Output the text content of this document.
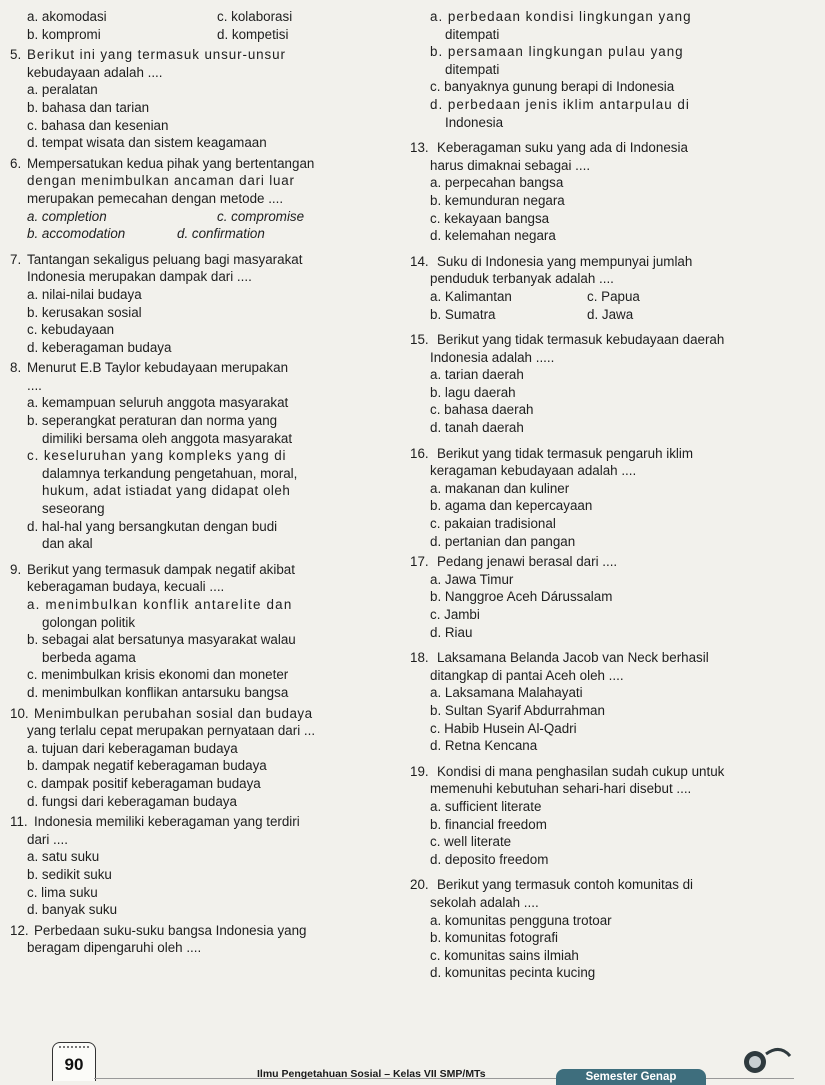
a. akomodasi	c. kolaborasi
b. kompromi	d. kompetisi
5. Berikut ini yang termasuk unsur-unsur
kebudayaan adalah ....
a. peralatan
b. bahasa dan tarian
c. bahasa dan kesenian
d. tempat wisata dan sistem keagamaan
6. Mempersatukan kedua pihak yang bertentangan
dengan menimbulkan ancaman dari luar
merupakan pemecahan dengan metode ....
a. completion	c. compromise
b. accomodation	d. confirmation
7. Tantangan sekaligus peluang bagi masyarakat
Indonesia merupakan dampak dari ....
a. nilai-nilai budaya
b. kerusakan sosial
c. kebudayaan
d. keberagaman budaya
8. Menurut E.B Taylor kebudayaan merupakan
....
a. kemampuan seluruh anggota masyarakat
b. seperangkat peraturan dan norma yang
dimiliki bersama oleh anggota masyarakat
c. keseluruhan yang kompleks yang di
dalamnya terkandung pengetahuan, moral,
hukum, adat istiadat yang didapat oleh
seseorang
d. hal-hal yang bersangkutan dengan budi
dan akal
9. Berikut yang termasuk dampak negatif akibat
keberagaman budaya, kecuali ....
a. menimbulkan konflik antarelite dan
golongan politik
b. sebagai alat bersatunya masyarakat walau
berbeda agama
c. menimbulkan krisis ekonomi dan moneter
d. menimbulkan konflikan antarsuku bangsa
10. Menimbulkan perubahan sosial dan budaya
yang terlalu cepat merupakan pernyataan dari ...
a. tujuan dari keberagaman budaya
b. dampak negatif keberagaman budaya
c. dampak positif keberagaman budaya
d. fungsi dari keberagaman budaya
11. Indonesia memiliki keberagaman yang terdiri
dari ....
a. satu suku
b. sedikit suku
c. lima suku
d. banyak suku
12. Perbedaan suku-suku bangsa Indonesia yang
beragam dipengaruhi oleh ....
a. perbedaan kondisi lingkungan yang
ditempati
b. persamaan lingkungan pulau yang
ditempati
c. banyaknya gunung berapi di Indonesia
d. perbedaan jenis iklim antarpulau di
Indonesia
13. Keberagaman suku yang ada di Indonesia
harus dimaknai sebagai ....
a. perpecahan bangsa
b. kemunduran negara
c. kekayaan bangsa
d. kelemahan negara
14. Suku di Indonesia yang mempunyai jumlah
penduduk terbanyak adalah ....
a. Kalimantan	c. Papua
b. Sumatra	d. Jawa
15. Berikut yang tidak termasuk kebudayaan daerah
Indonesia adalah .....
a. tarian daerah
b. lagu daerah
c. bahasa daerah
d. tanah daerah
16. Berikut yang tidak termasuk pengaruh iklim
keragaman kebudayaan adalah ....
a. makanan dan kuliner
b. agama dan kepercayaan
c. pakaian tradisional
d. pertanian dan pangan
17. Pedang jenawi berasal dari ....
a. Jawa Timur
b. Nanggroe Aceh Dárussalam
c. Jambi
d. Riau
18. Laksamana Belanda Jacob van Neck berhasil
ditangkap di pantai Aceh oleh ....
a. Laksamana Malahayati
b. Sultan Syarif Abdurrahman
c. Habib Husein Al-Qadri
d. Retna Kencana
19. Kondisi di mana penghasilan sudah cukup untuk
memenuhi kebutuhan sehari-hari disebut ....
a. sufficient literate
b. financial freedom
c. well literate
d. deposito freedom
20. Berikut yang termasuk contoh komunitas di
sekolah adalah ....
a. komunitas pengguna trotoar
b. komunitas fotografi
c. komunitas sains ilmiah
d. komunitas pecinta kucing
90	Ilmu Pengetahuan Sosial – Kelas VII SMP/MTs	Semester Genap
